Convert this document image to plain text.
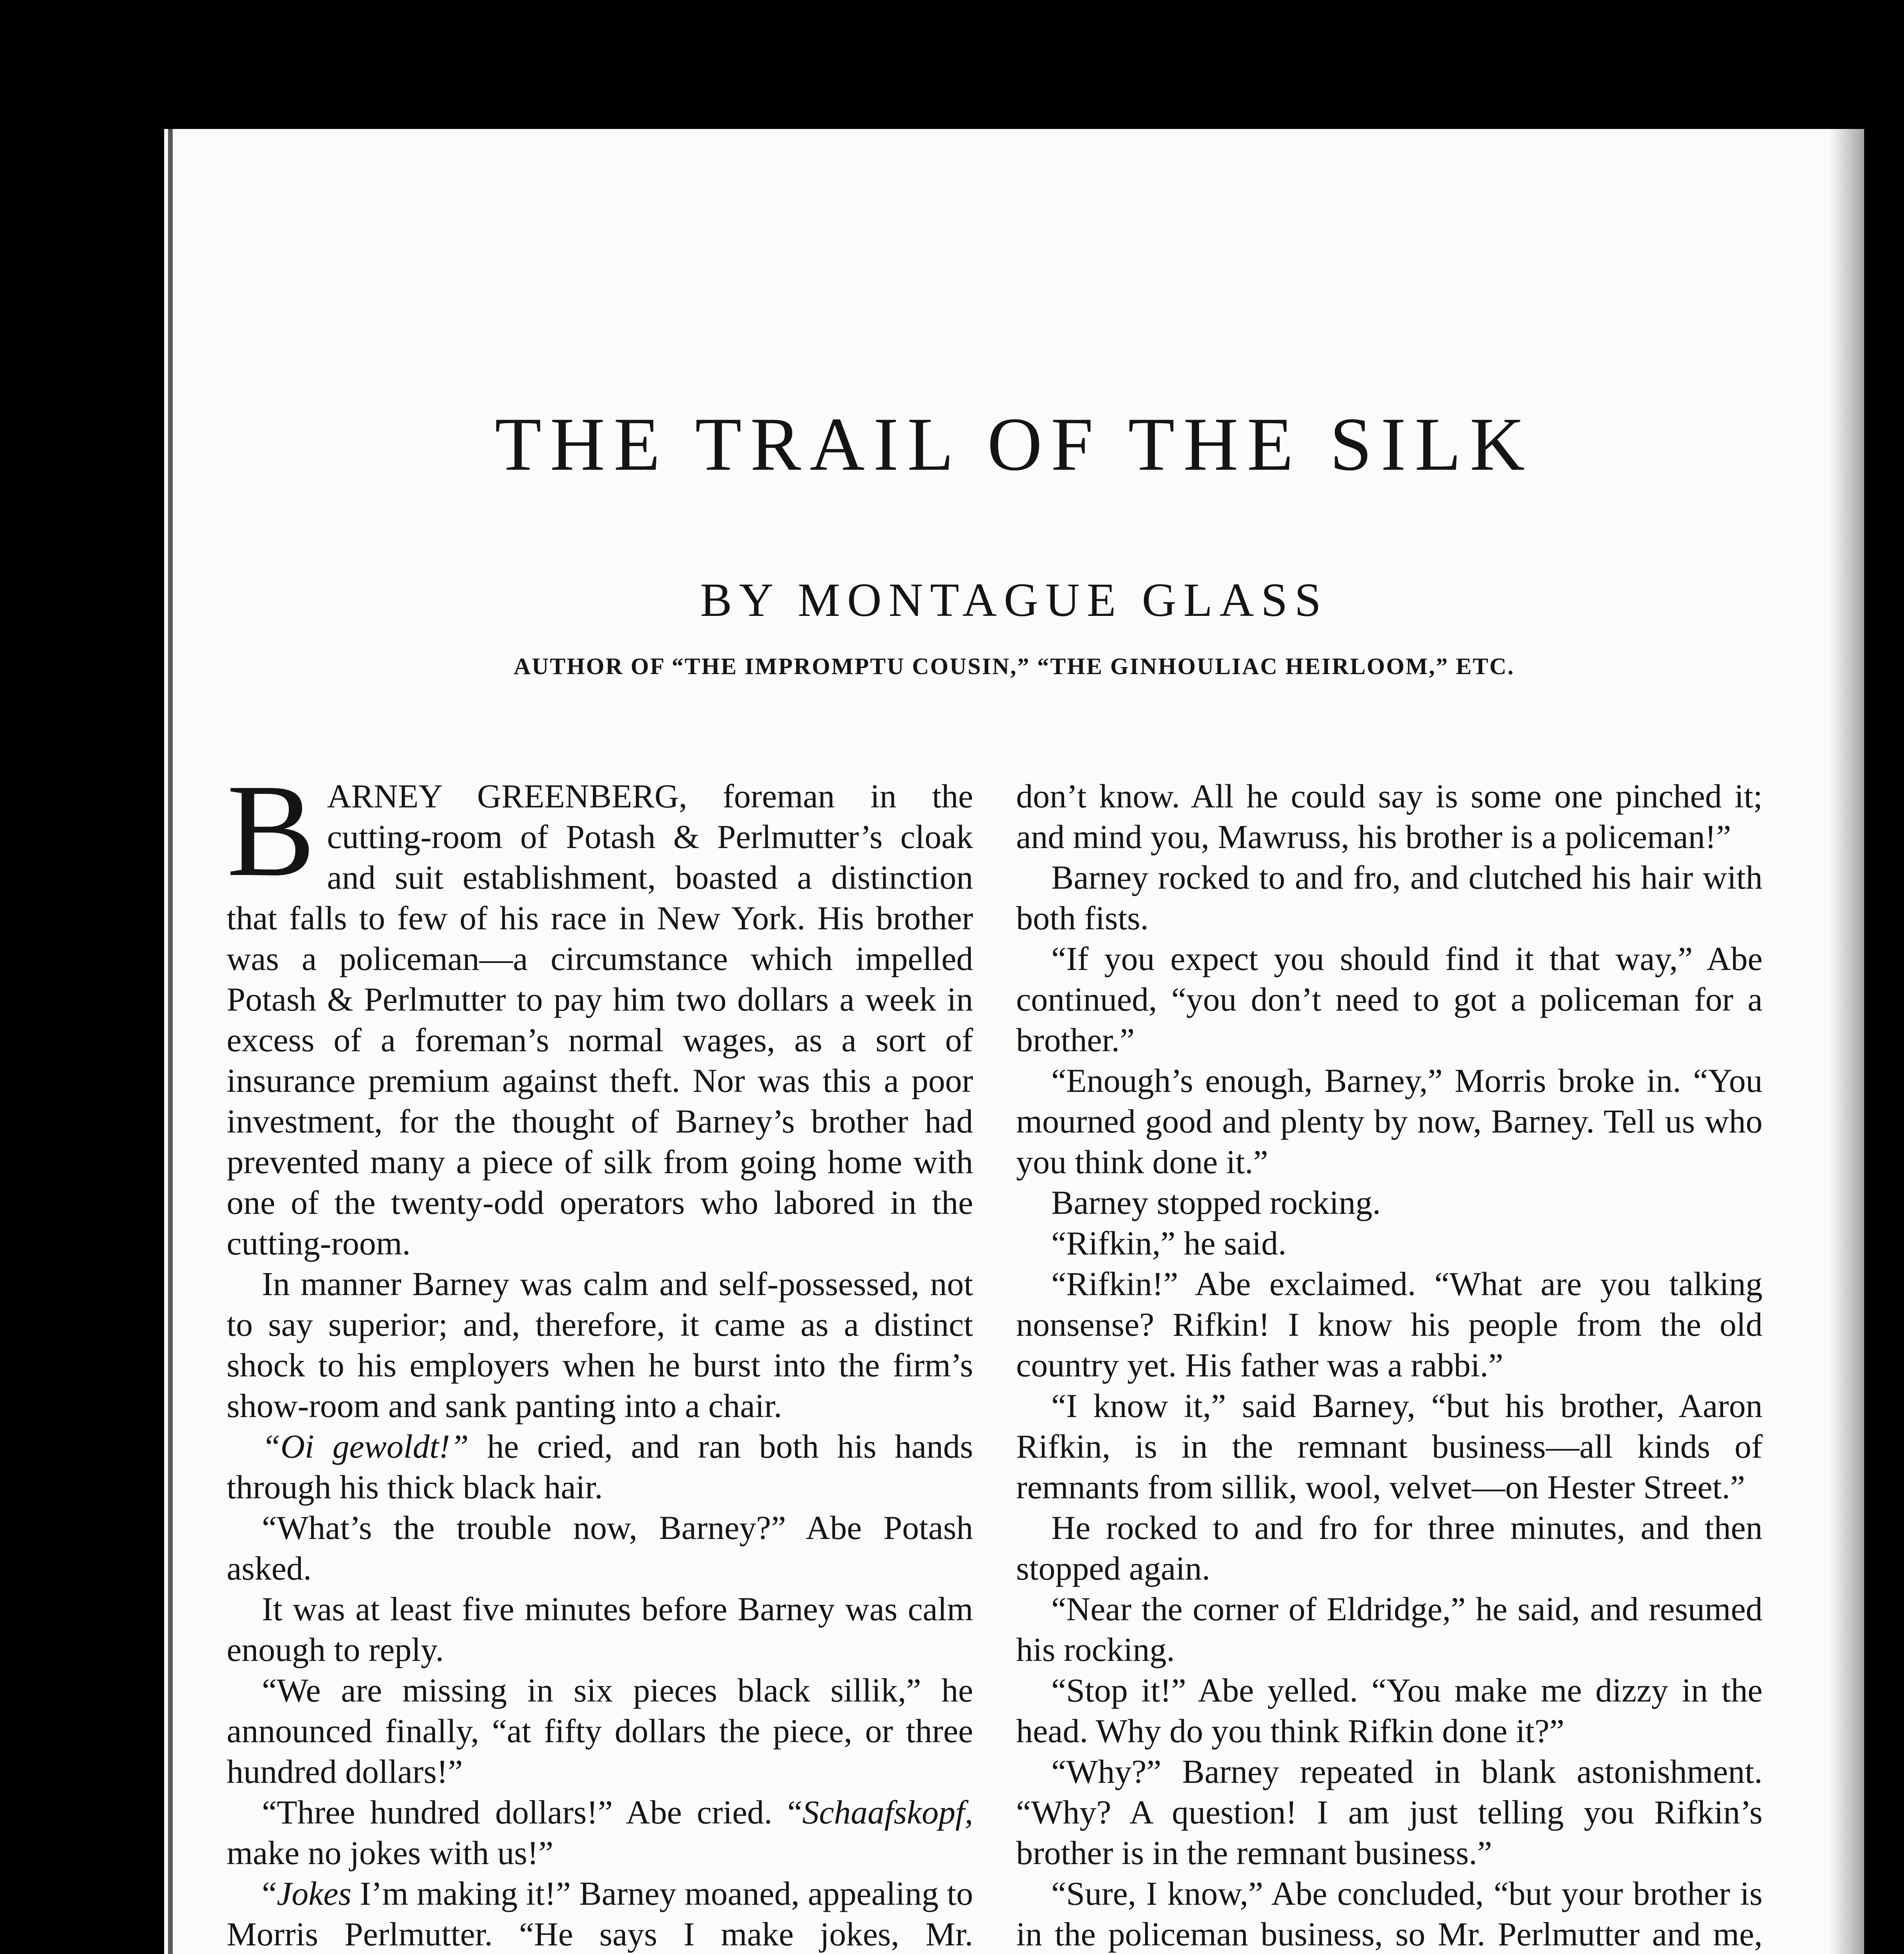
THE TRAIL OF THE SILK
BY MONTAGUE GLASS
AUTHOR OF “THE IMPROMPTU COUSIN,” “THE GINHOULIAC HEIRLOOM,” ETC.

BARNEY GREENBERG, foreman in the cutting-room of Potash & Perlmutter’s cloak and suit establishment, boasted a distinction that falls to few of his race in New York. His brother was a policeman—a circumstance which impelled Potash & Perlmutter to pay him two dollars a week in excess of a foreman’s normal wages, as a sort of insurance premium against theft. Nor was this a poor investment, for the thought of Barney’s brother had prevented many a piece of silk from going home with one of the twenty-odd operators who labored in the cutting-room.

In manner Barney was calm and self-possessed, not to say superior; and, therefore, it came as a distinct shock to his employers when he burst into the firm’s show-room and sank panting into a chair.

“Oi gewoldt!” he cried, and ran both his hands through his thick black hair.

“What’s the trouble now, Barney?” Abe Potash asked.

It was at least five minutes before Barney was calm enough to reply.

“We are missing in six pieces black sillik,” he announced finally, “at fifty dollars the piece, or three hundred dollars!”

“Three hundred dollars!” Abe cried. “Schaafskopf, make no jokes with us!”

“Jokes I’m making it!” Barney moaned, appealing to Morris Perlmutter. “He says I make jokes, Mr.

don’t know. All he could say is some one pinched it; and mind you, Mawruss, his brother is a policeman!”

Barney rocked to and fro, and clutched his hair with both fists.

“If you expect you should find it that way,” Abe continued, “you don’t need to got a policeman for a brother.”

“Enough’s enough, Barney,” Morris broke in. “You mourned good and plenty by now, Barney. Tell us who you think done it.”

Barney stopped rocking.

“Rifkin,” he said.

“Rifkin!” Abe exclaimed. “What are you talking nonsense? Rifkin! I know his people from the old country yet. His father was a rabbi.”

“I know it,” said Barney, “but his brother, Aaron Rifkin, is in the remnant business—all kinds of remnants from sillik, wool, velvet—on Hester Street.”

He rocked to and fro for three minutes, and then stopped again.

“Near the corner of Eldridge,” he said, and resumed his rocking.

“Stop it!” Abe yelled. “You make me dizzy in the head. Why do you think Rifkin done it?”

“Why?” Barney repeated in blank astonishment. “Why? A question! I am just telling you Rifkin’s brother is in the remnant business.”

“Sure, I know,” Abe concluded, “but your brother is in the policeman business, so Mr. Perlmutter and me,
